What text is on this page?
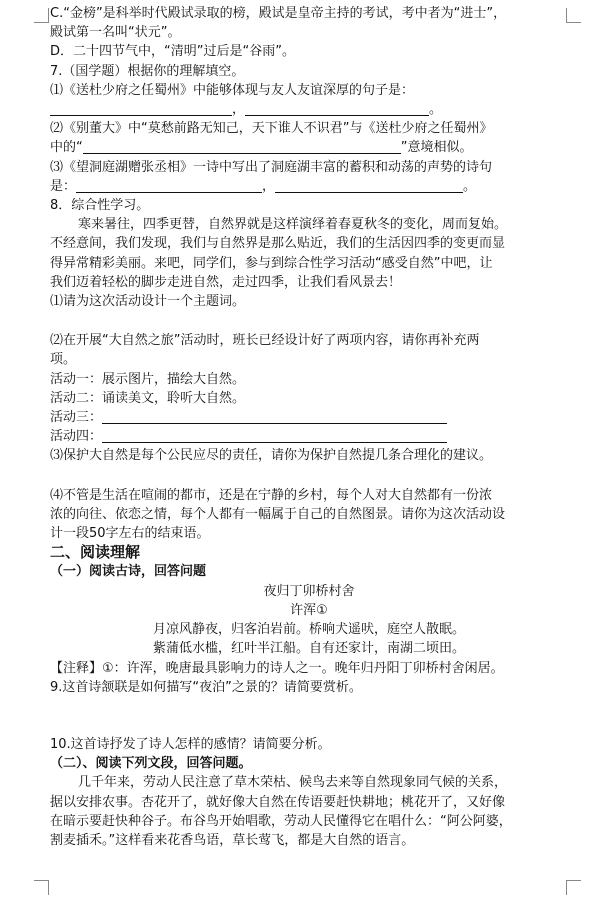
C.“金榜”是科举时代殿试录取的榜，殿试是皇帝主持的考试，考中者为“进士”，
殿试第一名叫“状元”。
D．二十四节气中，“清明”过后是“谷雨”。
7.（国学题）根据你的理解填空。
⑴《送杜少府之任蜀州》中能够体现与友人友谊深厚的句子是：
，	。
⑵《别董大》中“莫愁前路无知己，天下谁人不识君”与《送杜少府之任蜀州》
中的“	”意境相似。
⑶《望洞庭湖赠张丞相》一诗中写出了洞庭湖丰富的蓄积和动荡的声势的诗句
是：	，	。
8．综合性学习。
寒来暑往，四季更替，自然界就是这样演绎着春夏秋冬的变化，周而复始。
不经意间，我们发现，我们与自然界是那么贴近，我们的生活因四季的变更而显
得异常精彩美丽。来吧，同学们，参与到综合性学习活动“感受自然”中吧，让
我们迈着轻松的脚步走进自然，走过四季，让我们看风景去！
⑴请为这次活动设计一个主题词。
⑵在开展“大自然之旅”活动时，班长已经设计好了两项内容，请你再补充两
项。
活动一：展示图片，描绘大自然。
活动二：诵读美文，聆听大自然。
活动三：
活动四：
⑶保护大自然是每个公民应尽的责任，请你为保护自然提几条合理化的建议。
⑷不管是生活在喧闹的都市，还是在宁静的乡村，每个人对大自然都有一份浓
浓的向往、依恋之情，每个人都有一幅属于自己的自然图景。请你为这次活动设
计一段50字左右的结束语。
二、阅读理解
（一）阅读古诗，回答问题
夜归丁卯桥村舍
许浑①
月凉风静夜，归客泊岩前。桥响犬遥吠，庭空人散眠。
紫蒲低水槛，红叶半江船。自有还家计，南湖二顷田。
【注释】①：许浑，晚唐最具影响力的诗人之一。晚年归丹阳丁卯桥村舍闲居。
9.这首诗颔联是如何描写“夜泊”之景的？请简要赏析。
10.这首诗抒发了诗人怎样的感情？请简要分析。
（二）、阅读下列文段，回答问题。
几千年来，劳动人民注意了草木荣枯、候鸟去来等自然现象同气候的关系，
据以安排农事。杏花开了，就好像大自然在传语要赶快耕地；桃花开了，又好像
在暗示要赶快种谷子。布谷鸟开始唱歌，劳动人民懂得它在唱什么：“阿公阿婆，
割麦插禾。”这样看来花香鸟语，草长莺飞，都是大自然的语言。
